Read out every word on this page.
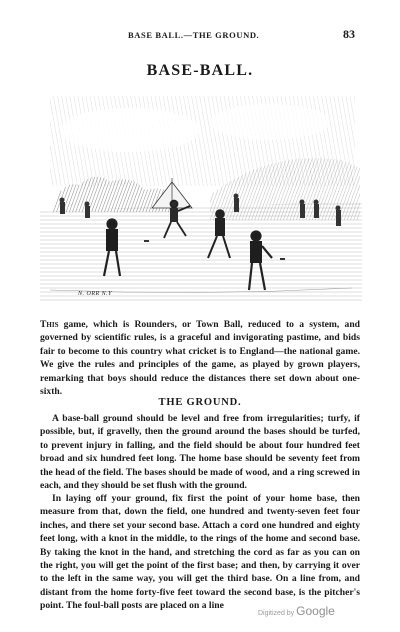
BASE BALL.—THE GROUND.	83
BASE-BALL.
N. ORR N.Y
This game, which is Rounders, or Town Ball, reduced to a system, and governed by scientific rules, is a graceful and invigorating pastime, and bids fair to become to this country what cricket is to England—the national game. We give the rules and principles of the game, as played by grown players, remarking that boys should reduce the distances there set down about one-sixth.
THE GROUND.
A base-ball ground should be level and free from irregularities; turfy, if possible, but, if gravelly, then the ground around the bases should be turfed, to prevent injury in falling, and the field should be about four hundred feet broad and six hundred feet long. The home base should be seventy feet from the head of the field. The bases should be made of wood, and a ring screwed in each, and they should be set flush with the ground.
In laying off your ground, fix first the point of your home base, then measure from that, down the field, one hundred and twenty-seven feet four inches, and there set your second base. Attach a cord one hundred and eighty feet long, with a knot in the middle, to the rings of the home and second base. By taking the knot in the hand, and stretching the cord as far as you can on the right, you will get the point of the first base; and then, by carrying it over to the left in the same way, you will get the third base. On a line from, and distant from the home forty-five feet toward the second base, is the pitcher's point. The foul-ball posts are placed on a line
Digitized by Google
